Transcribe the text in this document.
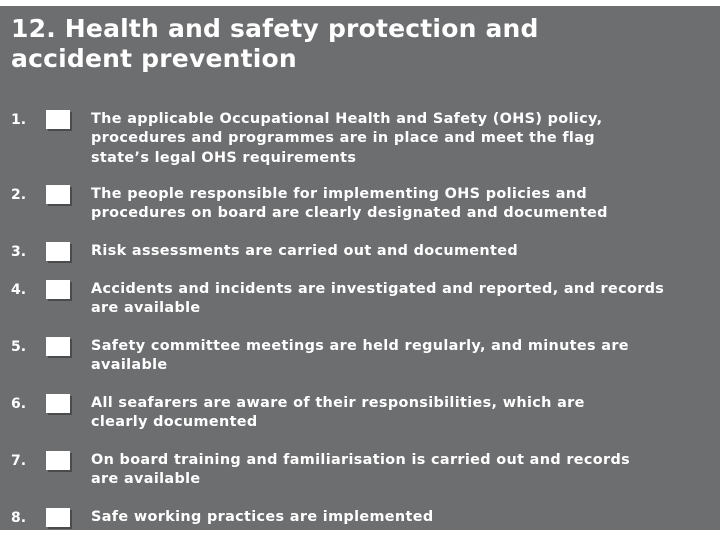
12. Health and safety protection and
accident prevention
1.	The applicable Occupational Health and Safety (OHS) policy,
procedures and programmes are in place and meet the flag
state’s legal OHS requirements
2.	The people responsible for implementing OHS policies and
procedures on board are clearly designated and documented
3.	Risk assessments are carried out and documented
4.	Accidents and incidents are investigated and reported, and records
are available
5.	Safety committee meetings are held regularly, and minutes are
available
6.	All seafarers are aware of their responsibilities, which are
clearly documented
7.	On board training and familiarisation is carried out and records
are available
8.	Safe working practices are implemented
